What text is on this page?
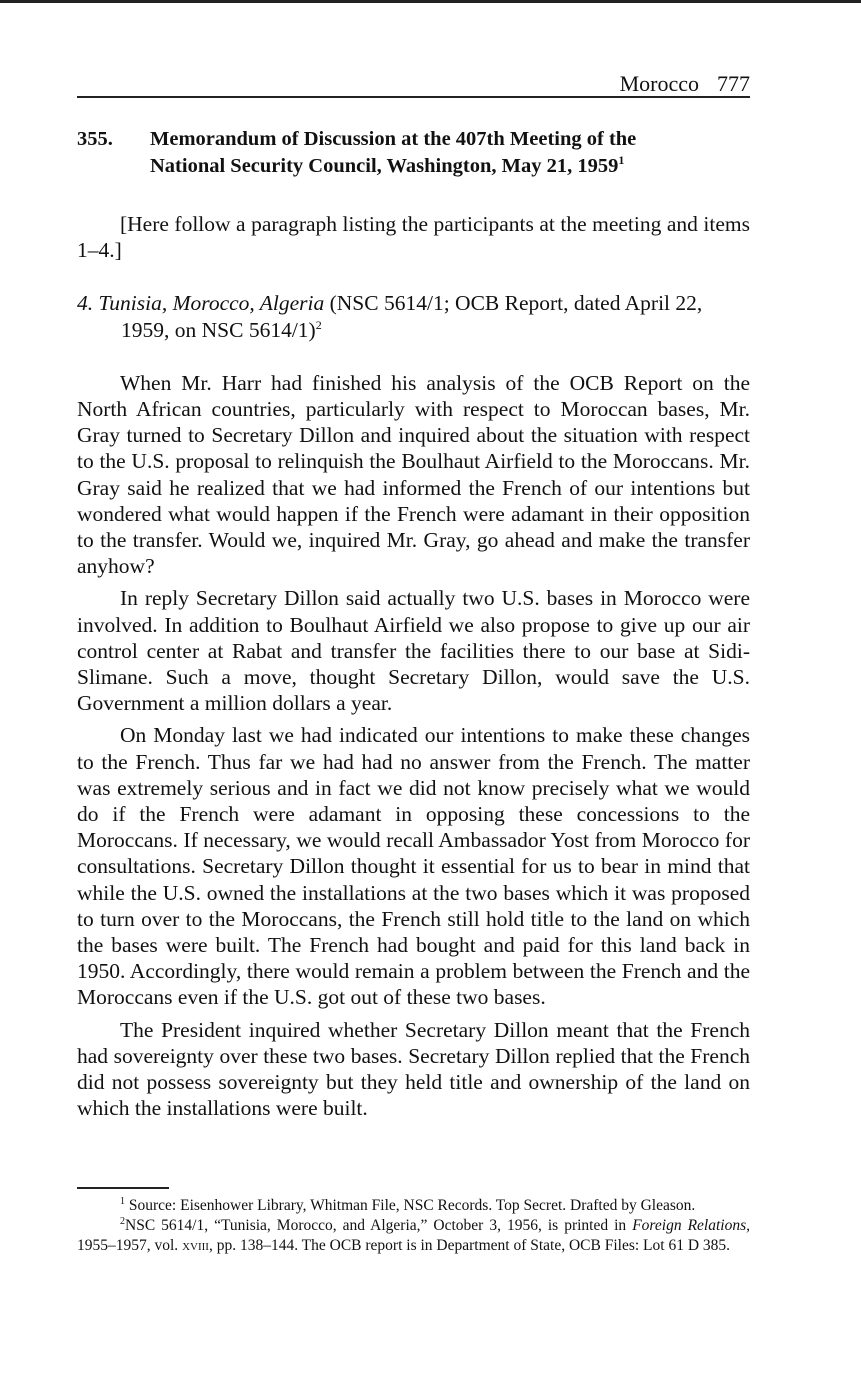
Morocco 777
355. Memorandum of Discussion at the 407th Meeting of the
National Security Council, Washington, May 21, 1959$^1$

[Here follow a paragraph listing the participants at the meeting and items 1–4.]

4. Tunisia, Morocco, Algeria (NSC 5614/1; OCB Report, dated April 22, 1959, on NSC 5614/1)$^2$

When Mr. Harr had finished his analysis of the OCB Report on the North African countries, particularly with respect to Moroccan bases, Mr. Gray turned to Secretary Dillon and inquired about the situation with respect to the U.S. proposal to relinquish the Boulhaut Airfield to the Moroccans. Mr. Gray said he realized that we had informed the French of our intentions but wondered what would happen if the French were adamant in their opposition to the transfer. Would we, inquired Mr. Gray, go ahead and make the transfer anyhow?

In reply Secretary Dillon said actually two U.S. bases in Morocco were involved. In addition to Boulhaut Airfield we also propose to give up our air control center at Rabat and transfer the facilities there to our base at Sidi-Slimane. Such a move, thought Secretary Dillon, would save the U.S. Government a million dollars a year.

On Monday last we had indicated our intentions to make these changes to the French. Thus far we had had no answer from the French. The matter was extremely serious and in fact we did not know precisely what we would do if the French were adamant in opposing these concessions to the Moroccans. If necessary, we would recall Ambassador Yost from Morocco for consultations. Secretary Dillon thought it essential for us to bear in mind that while the U.S. owned the installations at the two bases which it was proposed to turn over to the Moroccans, the French still hold title to the land on which the bases were built. The French had bought and paid for this land back in 1950. Accordingly, there would remain a problem between the French and the Moroccans even if the U.S. got out of these two bases.

The President inquired whether Secretary Dillon meant that the French had sovereignty over these two bases. Secretary Dillon replied that the French did not possess sovereignty but they held title and ownership of the land on which the installations were built.

$^1$ Source: Eisenhower Library, Whitman File, NSC Records. Top Secret. Drafted by Gleason.

$^2$NSC 5614/1, “Tunisia, Morocco, and Algeria,” October 3, 1956, is printed in Foreign Relations, 1955–1957, vol. xviii, pp. 138–144. The OCB report is in Department of State, OCB Files: Lot 61 D 385.
